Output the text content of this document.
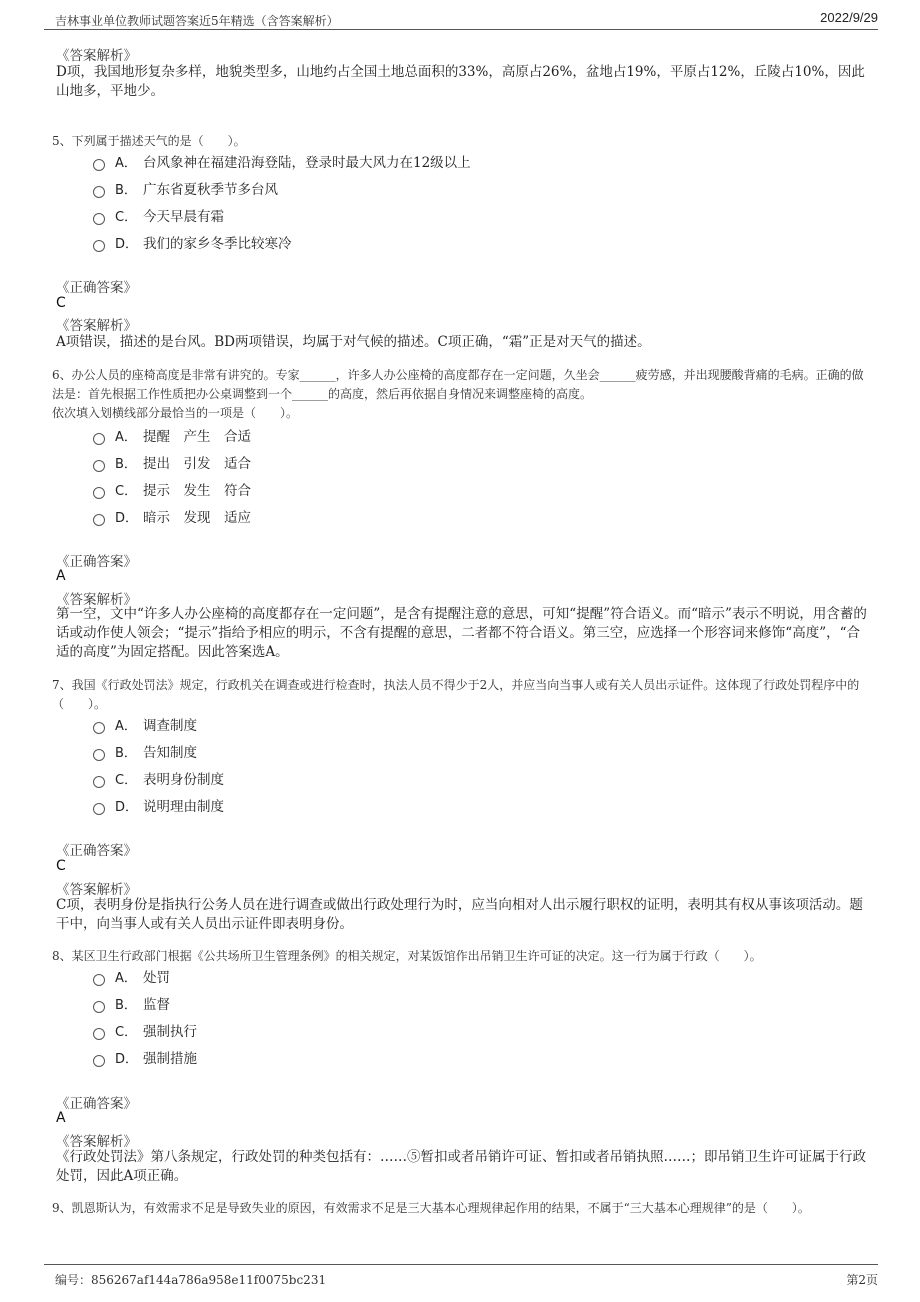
吉林事业单位教师试题答案近5年精选（含答案解析）	2022/9/29
《答案解析》
D项，我国地形复杂多样，地貌类型多，山地约占全国土地总面积的33%，高原占26%，盆地占19%，平原占12%，丘陵占10%，因此山地多，平地少。
5、下列属于描述天气的是（　　）。
A． 台风象神在福建沿海登陆，登录时最大风力在12级以上
B． 广东省夏秋季节多台风
C． 今天早晨有霜
D． 我们的家乡冬季比较寒冷
《正确答案》
C
《答案解析》
A项错误，描述的是台风。BD两项错误，均属于对气候的描述。C项正确，“霜”正是对天气的描述。
6、办公人员的座椅高度是非常有讲究的。专家______，许多人办公座椅的高度都存在一定问题，久坐会______疲劳感，并出现腰酸背痛的毛病。正确的做法是：首先根据工作性质把办公桌调整到一个______的高度，然后再依据自身情况来调整座椅的高度。
依次填入划横线部分最恰当的一项是（　　）。
A． 提醒　产生　合适
B． 提出　引发　适合
C． 提示　发生　符合
D． 暗示　发现　适应
《正确答案》
A
《答案解析》
第一空，文中“许多人办公座椅的高度都存在一定问题”，是含有提醒注意的意思，可知“提醒”符合语义。而“暗示”表示不明说，用含蓄的话或动作使人领会；“提示”指给予相应的明示，不含有提醒的意思，二者都不符合语义。第三空，应选择一个形容词来修饰“高度”，“合适的高度”为固定搭配。因此答案选A。
7、我国《行政处罚法》规定，行政机关在调查或进行检查时，执法人员不得少于2人，并应当向当事人或有关人员出示证件。这体现了行政处罚程序中的（　　）。
A． 调查制度
B． 告知制度
C． 表明身份制度
D． 说明理由制度
《正确答案》
C
《答案解析》
C项，表明身份是指执行公务人员在进行调查或做出行政处理行为时，应当向相对人出示履行职权的证明，表明其有权从事该项活动。题干中，向当事人或有关人员出示证件即表明身份。
8、某区卫生行政部门根据《公共场所卫生管理条例》的相关规定，对某饭馆作出吊销卫生许可证的决定。这一行为属于行政（　　）。
A． 处罚
B． 监督
C． 强制执行
D． 强制措施
《正确答案》
A
《答案解析》
《行政处罚法》第八条规定，行政处罚的种类包括有：……⑤暂扣或者吊销许可证、暂扣或者吊销执照……；即吊销卫生许可证属于行政处罚，因此A项正确。
9、凯恩斯认为，有效需求不足是导致失业的原因，有效需求不足是三大基本心理规律起作用的结果，不属于“三大基本心理规律”的是（　　）。
编号：856267af144a786a958e11f0075bc231	第2页
